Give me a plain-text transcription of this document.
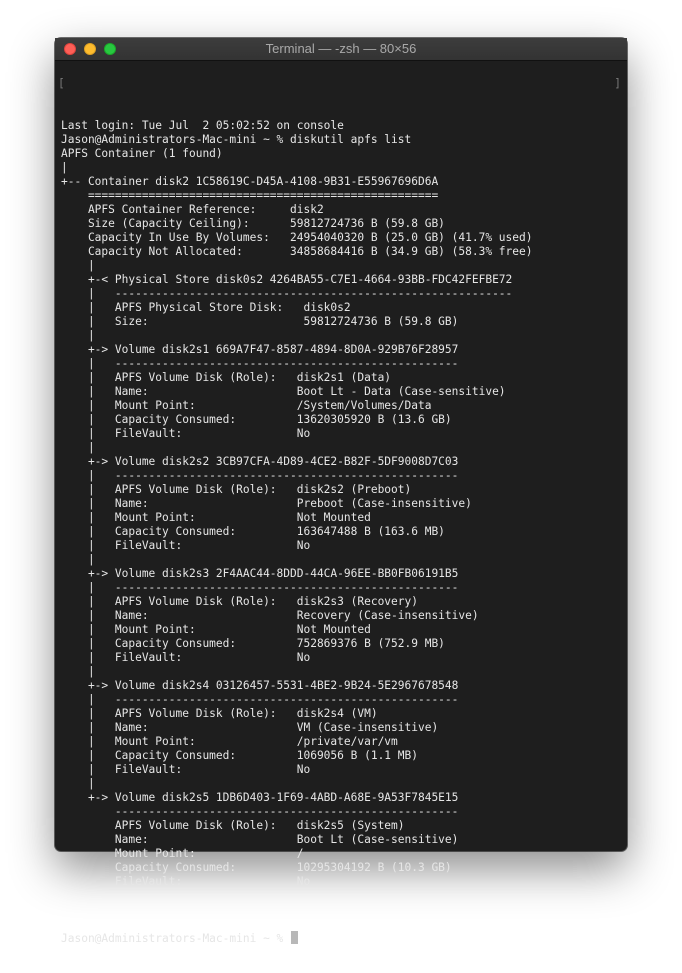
Terminal — -zsh — 80×56

[

	]

Last login: Tue Jul  2 05:02:52 on console
Jason@Administrators-Mac-mini ~ % diskutil apfs list
APFS Container (1 found)
|
+-- Container disk2 1C58619C-D45A-4108-9B31-E55967696D6A
====================================================
APFS Container Reference:     disk2
Size (Capacity Ceiling):      59812724736 B (59.8 GB)
Capacity In Use By Volumes:   24954040320 B (25.0 GB) (41.7% used)
Capacity Not Allocated:       34858684416 B (34.9 GB) (58.3% free)
|
+-< Physical Store disk0s2 4264BA55-C7E1-4664-93BB-FDC42FEFBE72
|   -----------------------------------------------------------
|   APFS Physical Store Disk:   disk0s2
|   Size:                       59812724736 B (59.8 GB)
|
+-> Volume disk2s1 669A7F47-8587-4894-8D0A-929B76F28957
|   ---------------------------------------------------
|   APFS Volume Disk (Role):   disk2s1 (Data)
|   Name:                      Boot Lt - Data (Case-sensitive)
|   Mount Point:               /System/Volumes/Data
|   Capacity Consumed:         13620305920 B (13.6 GB)
|   FileVault:                 No
|
+-> Volume disk2s2 3CB97CFA-4D89-4CE2-B82F-5DF9008D7C03
|   ---------------------------------------------------
|   APFS Volume Disk (Role):   disk2s2 (Preboot)
|   Name:                      Preboot (Case-insensitive)
|   Mount Point:               Not Mounted
|   Capacity Consumed:         163647488 B (163.6 MB)
|   FileVault:                 No
|
+-> Volume disk2s3 2F4AAC44-8DDD-44CA-96EE-BB0FB06191B5
|   ---------------------------------------------------
|   APFS Volume Disk (Role):   disk2s3 (Recovery)
|   Name:                      Recovery (Case-insensitive)
|   Mount Point:               Not Mounted
|   Capacity Consumed:         752869376 B (752.9 MB)
|   FileVault:                 No
|
+-> Volume disk2s4 03126457-5531-4BE2-9B24-5E2967678548
|   ---------------------------------------------------
|   APFS Volume Disk (Role):   disk2s4 (VM)
|   Name:                      VM (Case-insensitive)
|   Mount Point:               /private/var/vm
|   Capacity Consumed:         1069056 B (1.1 MB)
|   FileVault:                 No
|
+-> Volume disk2s5 1DB6D403-1F69-4ABD-A68E-9A53F7845E15
---------------------------------------------------
APFS Volume Disk (Role):   disk2s5 (System)
Name:                      Boot Lt (Case-sensitive)
Mount Point:               /
Capacity Consumed:         10295304192 B (10.3 GB)
FileVault:                 No

Jason@Administrators-Mac-mini ~ %
